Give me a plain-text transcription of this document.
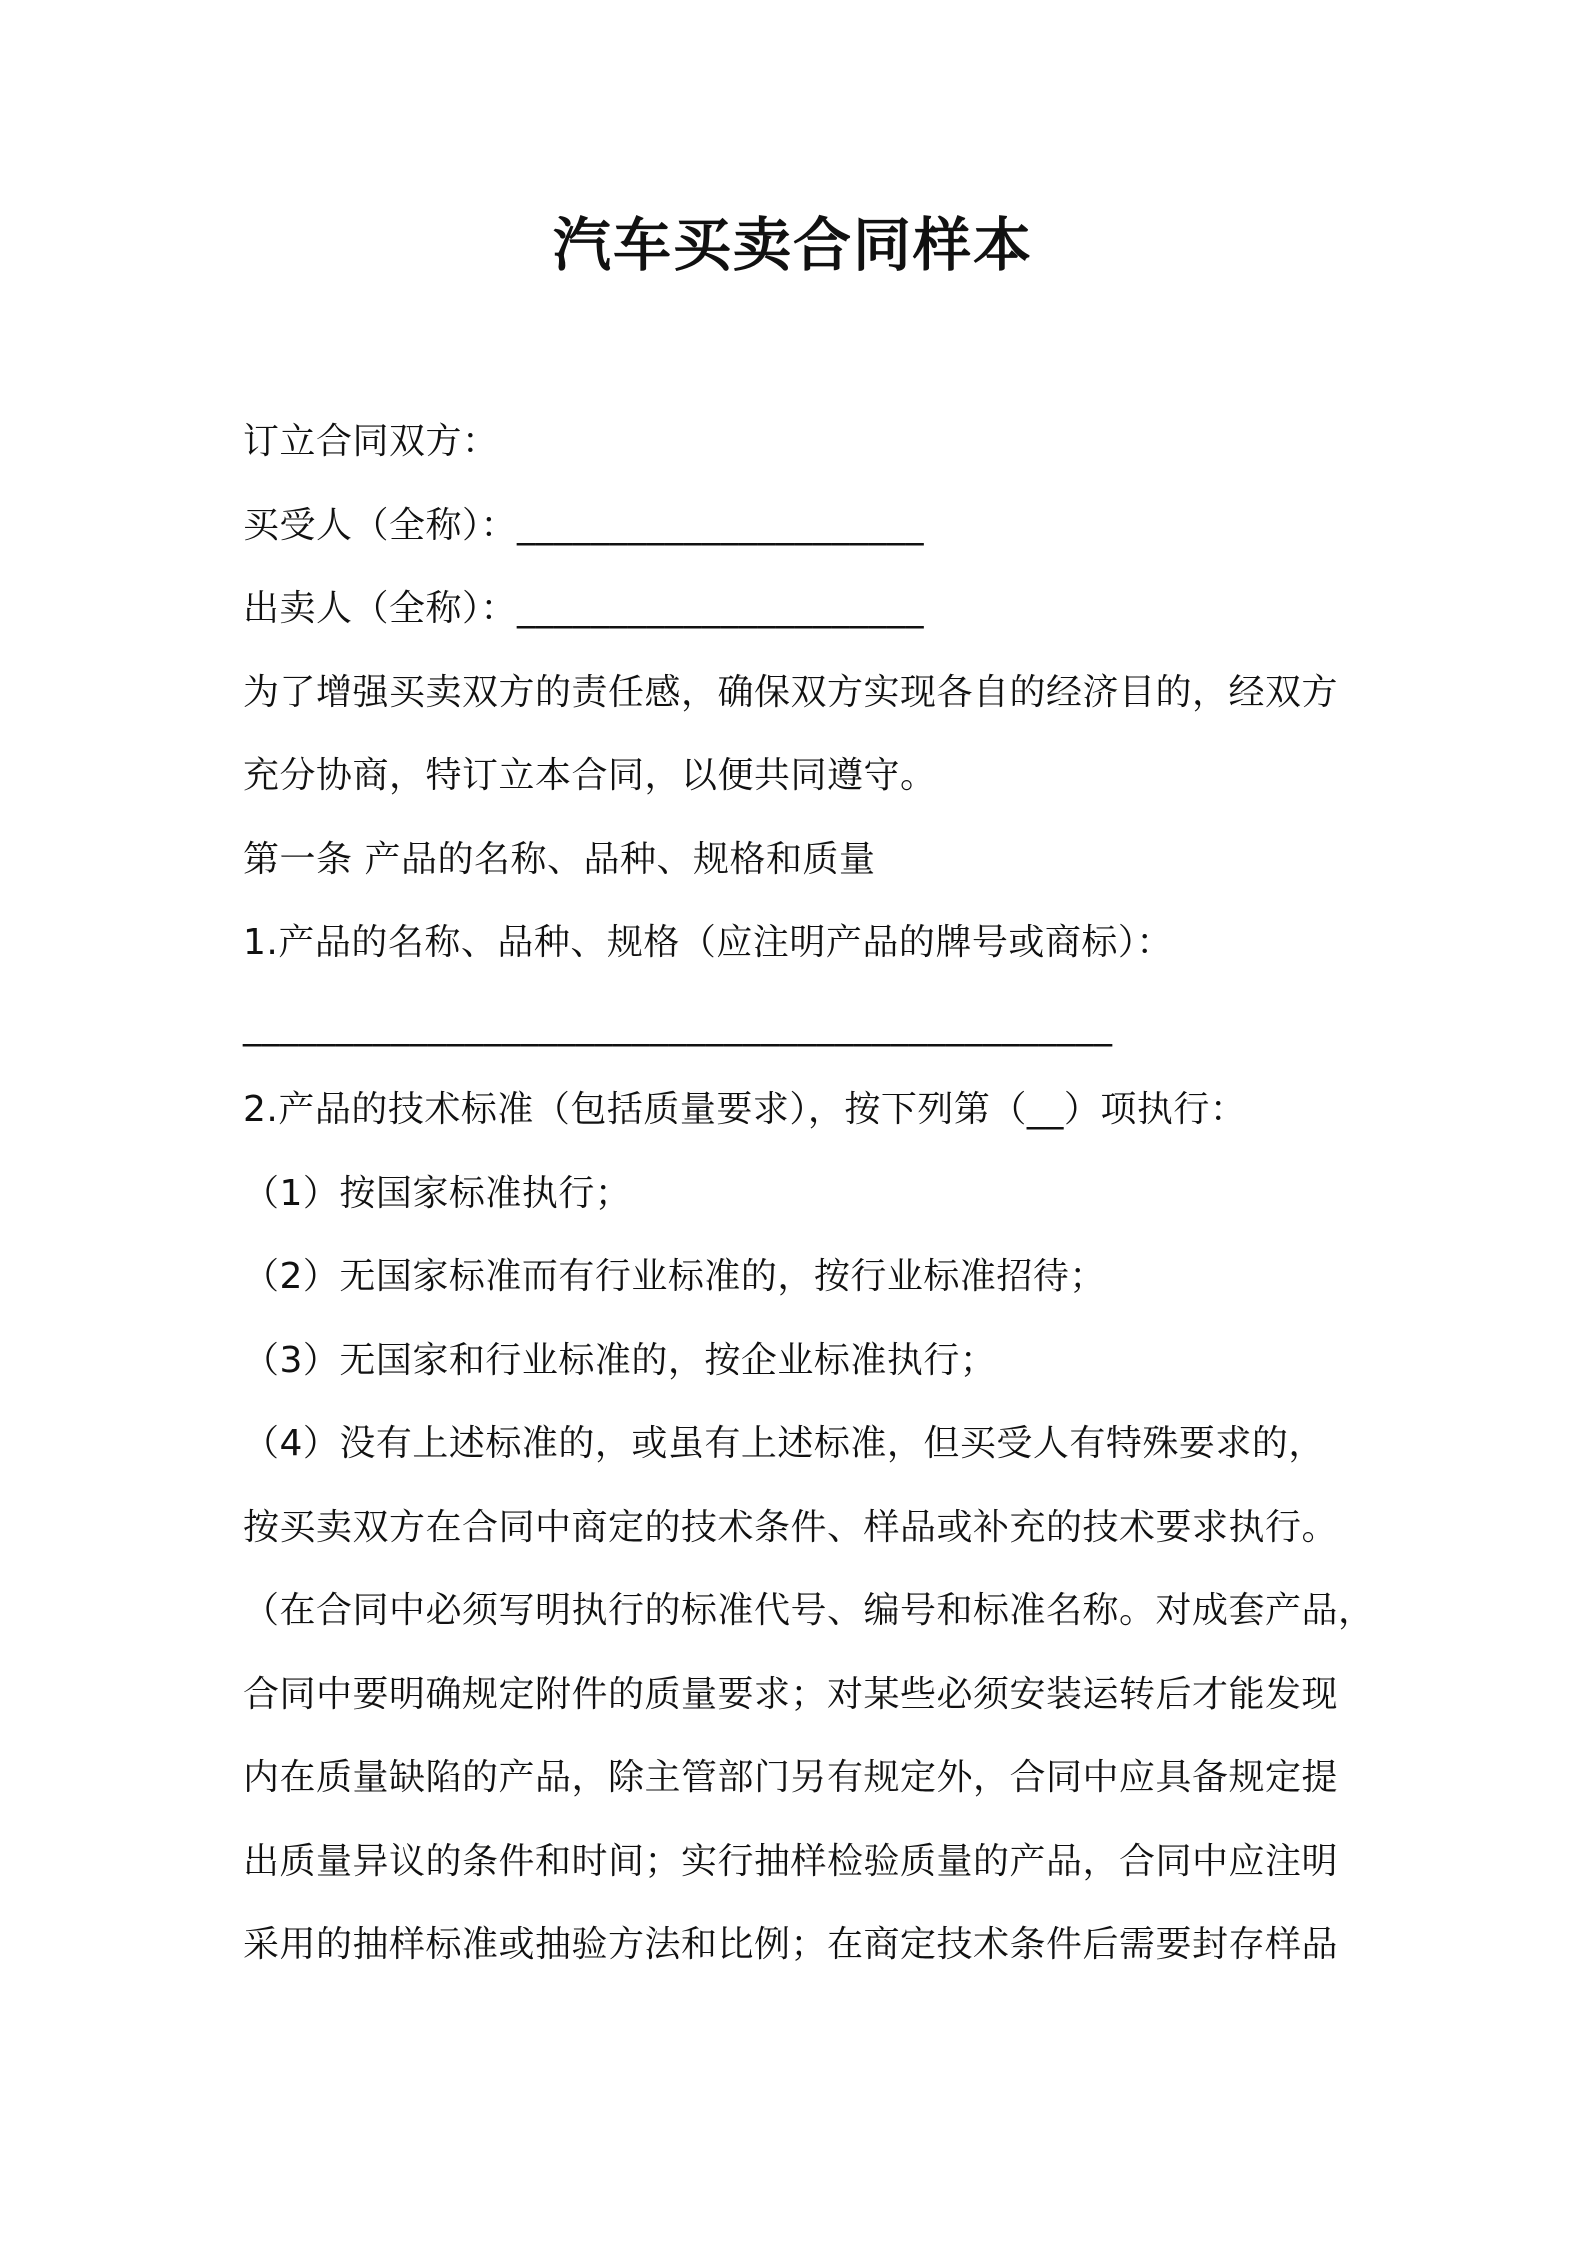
汽车买卖合同样本
订立合同双方：
买受人（全称）：______________________
出卖人（全称）：______________________
为了增强买卖双方的责任感，确保双方实现各自的经济目的，经双方
充分协商，特订立本合同，以便共同遵守。
第一条 产品的名称、品种、规格和质量
1.产品的名称、品种、规格（应注明产品的牌号或商标）：
_______________________________________________
2.产品的技术标准（包括质量要求），按下列第（__）项执行：
（1）按国家标准执行；
（2）无国家标准而有行业标准的，按行业标准招待；
（3）无国家和行业标准的，按企业标准执行；
（4）没有上述标准的，或虽有上述标准，但买受人有特殊要求的，
按买卖双方在合同中商定的技术条件、样品或补充的技术要求执行。
（在合同中必须写明执行的标准代号、编号和标准名称。对成套产品，
合同中要明确规定附件的质量要求；对某些必须安装运转后才能发现
内在质量缺陷的产品，除主管部门另有规定外，合同中应具备规定提
出质量异议的条件和时间；实行抽样检验质量的产品，合同中应注明
采用的抽样标准或抽验方法和比例；在商定技术条件后需要封存样品
